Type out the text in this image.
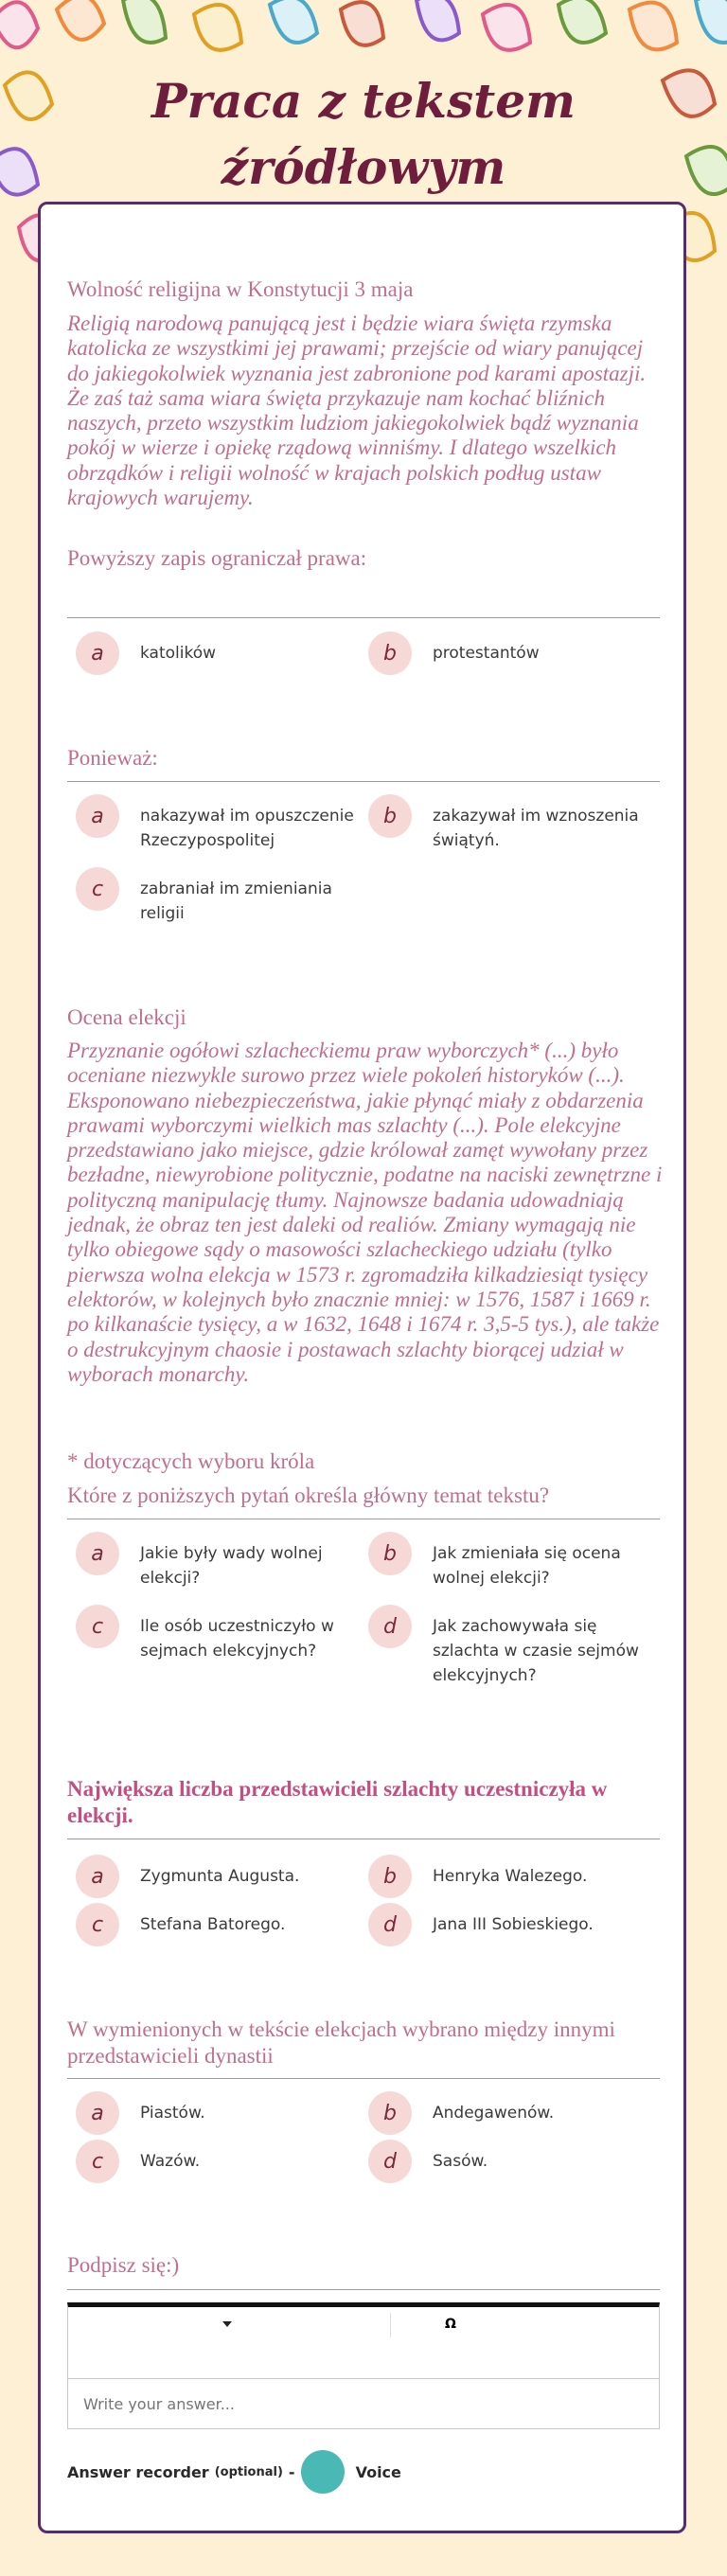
Praca z tekstem źródłowym
Wolność religijna w Konstytucji 3 maja
Religią narodową panującą jest i będzie wiara święta rzymska katolicka ze wszystkimi jej prawami; przejście od wiary panującej do jakiegokolwiek wyznania jest zabronione pod karami apostazji. Że zaś taż sama wiara święta przykazuje nam kochać bliźnich naszych, przeto wszystkim ludziom jakiegokolwiek bądź wyznania pokój w wierze i opiekę rządową winniśmy. I dlatego wszelkich obrządków i religii wolność w krajach polskich podług ustaw krajowych warujemy.
Powyższy zapis ograniczał prawa:
a	katolików	b	protestantów
Ponieważ:
a	nakazywał im opuszczenie Rzeczypospolitej
b	zakazywał im wznoszenia świątyń.
c	zabraniał im zmieniania religii
Ocena elekcji
Przyznanie ogółowi szlacheckiemu praw wyborczych* (...) było oceniane niezwykle surowo przez wiele pokoleń historyków (...). Eksponowano niebezpieczeństwa, jakie płynąć miały z obdarzenia prawami wyborczymi wielkich mas szlachty (...). Pole elekcyjne przedstawiano jako miejsce, gdzie królował zamęt wywołany przez bezładne, niewyrobione politycznie, podatne na naciski zewnętrzne i polityczną manipulację tłumy. Najnowsze badania udowadniają jednak, że obraz ten jest daleki od realiów. Zmiany wymagają nie tylko obiegowe sądy o masowości szlacheckiego udziału (tylko pierwsza wolna elekcja w 1573 r. zgromadziła kilkadziesiąt tysięcy elektorów, w kolejnych było znacznie mniej: w 1576, 1587 i 1669 r. po kilkanaście tysięcy, a w 1632, 1648 i 1674 r. 3,5-5 tys.), ale także o destrukcyjnym chaosie i postawach szlachty biorącej udział w wyborach monarchy.
* dotyczących wyboru króla
Które z poniższych pytań określa główny temat tekstu?
a	Jakie były wady wolnej elekcji?
b	Jak zmieniała się ocena wolnej elekcji?
c	Ile osób uczestniczyło w sejmach elekcyjnych?
d	Jak zachowywała się szlachta w czasie sejmów elekcyjnych?
Największa liczba przedstawicieli szlachty uczestniczyła w elekcji.
a	Zygmunta Augusta.	b	Henryka Walezego.
c	Stefana Batorego.	d	Jana III Sobieskiego.
W wymienionych w tekście elekcjach wybrano między innymi przedstawicieli dynastii
a	Piastów.	b	Andegawenów.
c	Wazów.	d	Sasów.
Podpisz się:)
Ω
Write your answer...
Answer recorder (optional) -	Voice
